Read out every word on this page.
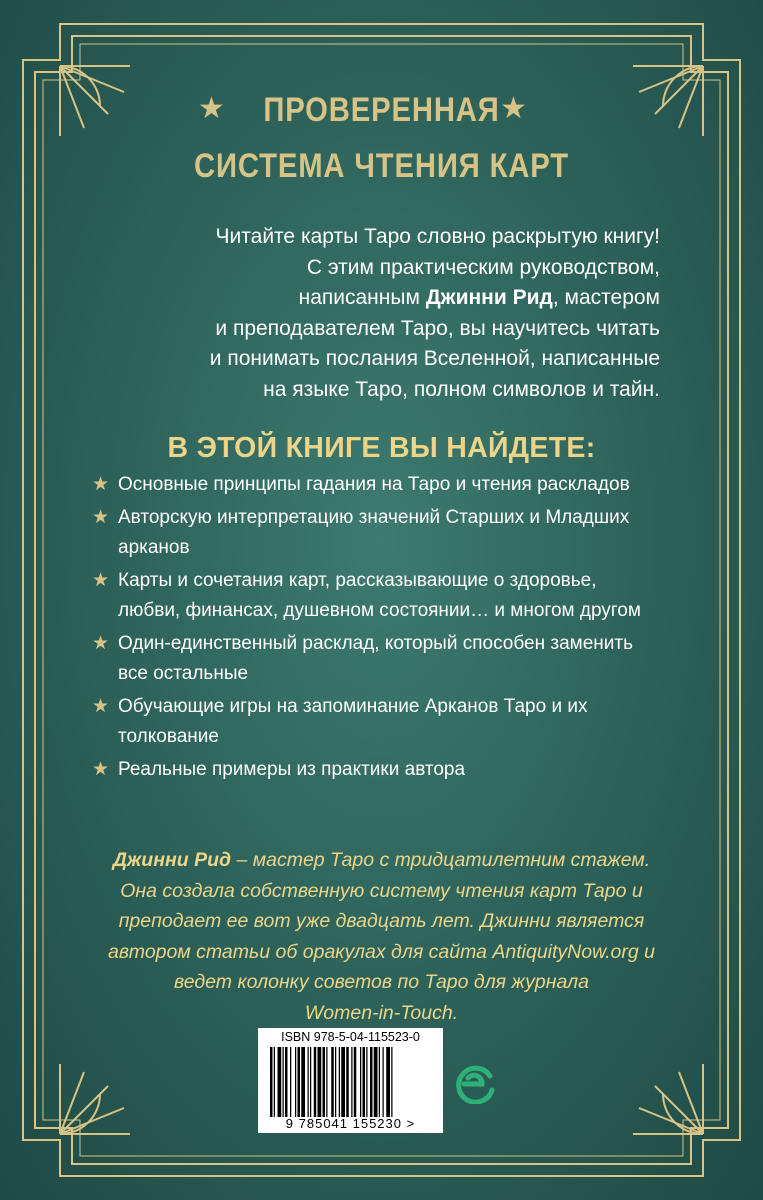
★	★
ПРОВЕРЕННАЯ
СИСТЕМА ЧТЕНИЯ КАРТ
Читайте карты Таро словно раскрытую книгу!
С этим практическим руководством,
написанным Джинни Рид, мастером
и преподавателем Таро, вы научитесь читать
и понимать послания Вселенной, написанные
на языке Таро, полном символов и тайн.
В ЭТОЙ КНИГЕ ВЫ НАЙДЕТЕ:
★ Основные принципы гадания на Таро и чтения раскладов
★ Авторскую интерпретацию значений Старших и Младших арканов
★ Карты и сочетания карт, рассказывающие о здоровье, любви, финансах, душевном состоянии… и многом другом
★ Один-единственный расклад, который способен заменить все остальные
★ Обучающие игры на запоминание Арканов Таро и их толкование
★ Реальные примеры из практики автора
Джинни Рид – мастер Таро с тридцатилетним стажем.
Она создала собственную систему чтения карт Таро и
преподает ее вот уже двадцать лет. Джинни является
автором статьи об оракулах для сайта AntiquityNow.org и
ведет колонку советов по Таро для журнала
Women-in-Touch.
ISBN 978-5-04-115523-0
9 785041 155230 >
